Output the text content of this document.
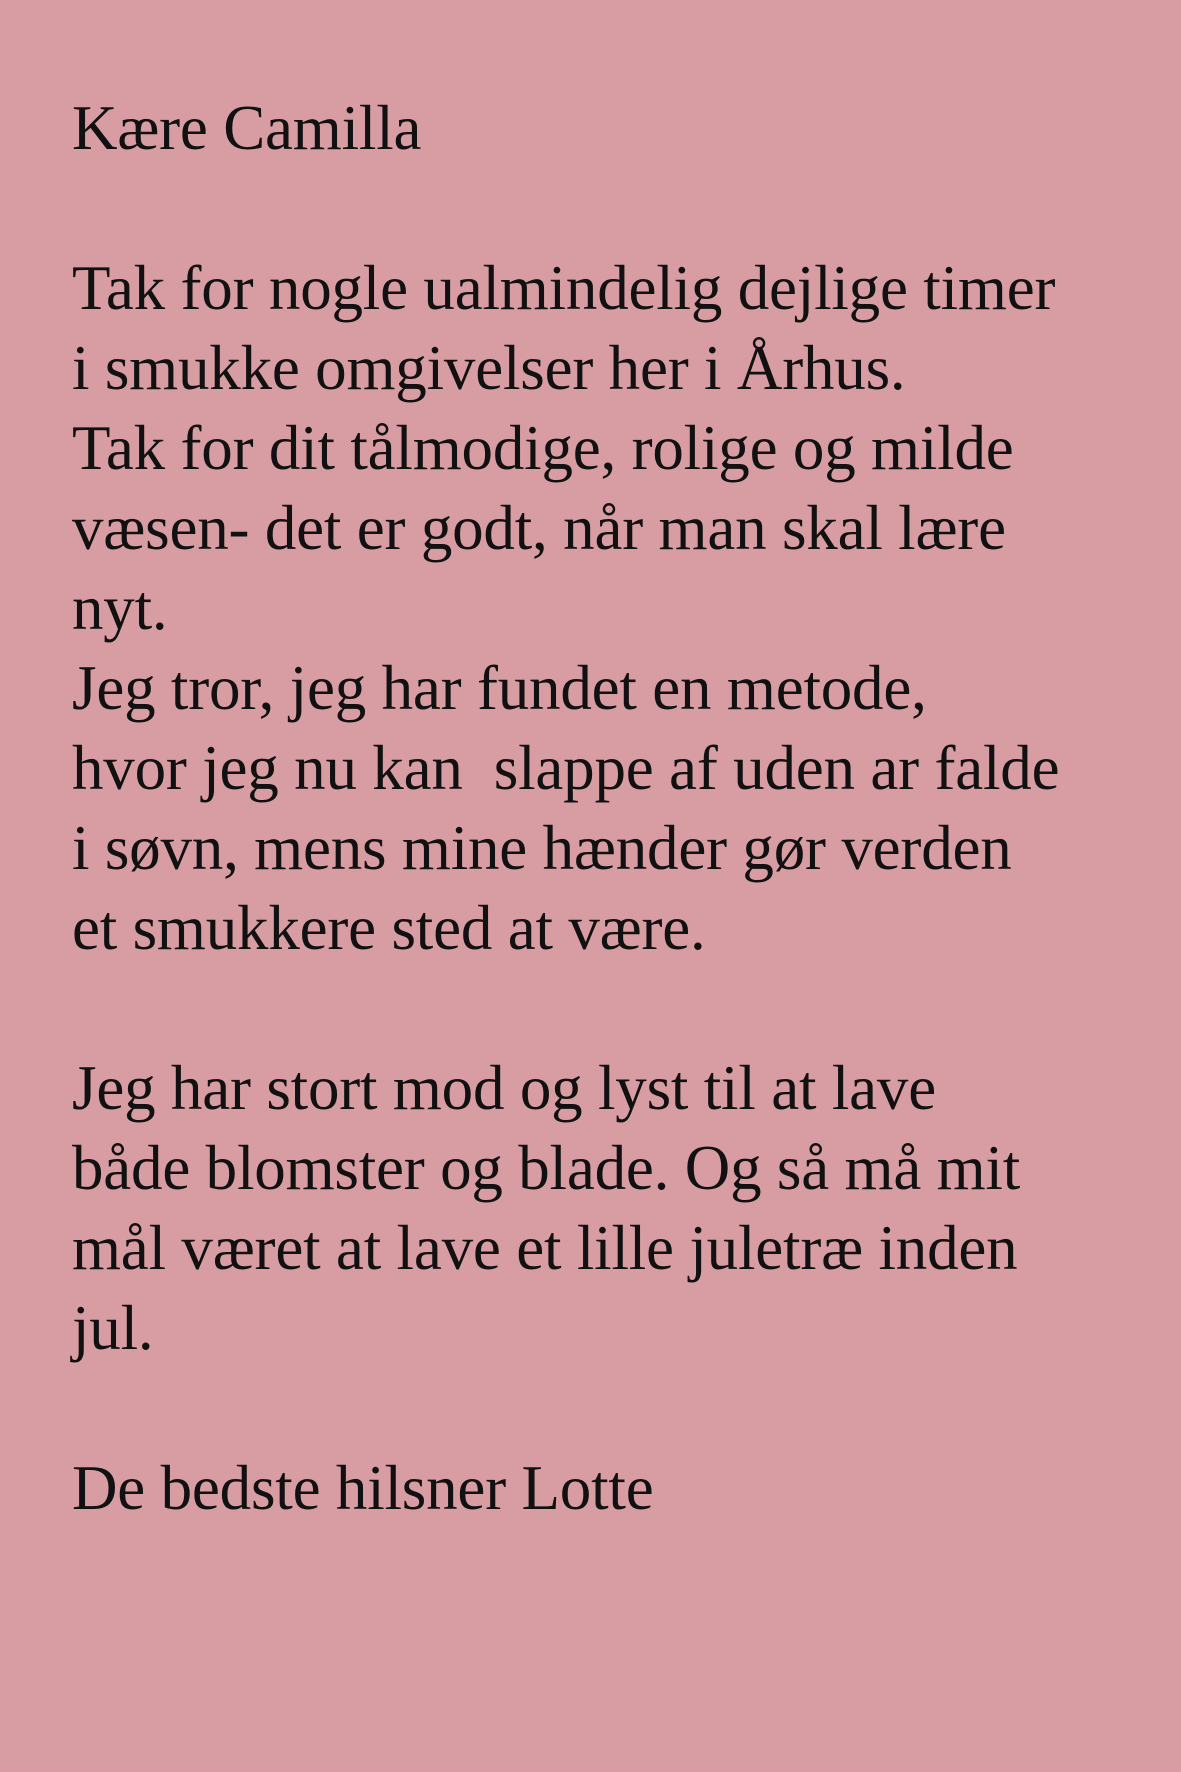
Kære Camilla
Tak for nogle ualmindelig dejlige timer
i smukke omgivelser her i Århus.
Tak for dit tålmodige, rolige og milde
væsen- det er godt, når man skal lære
nyt.
Jeg tror, jeg har fundet en metode,
hvor jeg nu kan  slappe af uden ar falde
i søvn, mens mine hænder gør verden
et smukkere sted at være.
Jeg har stort mod og lyst til at lave
både blomster og blade. Og så må mit
mål været at lave et lille juletræ inden
jul.
De bedste hilsner Lotte
